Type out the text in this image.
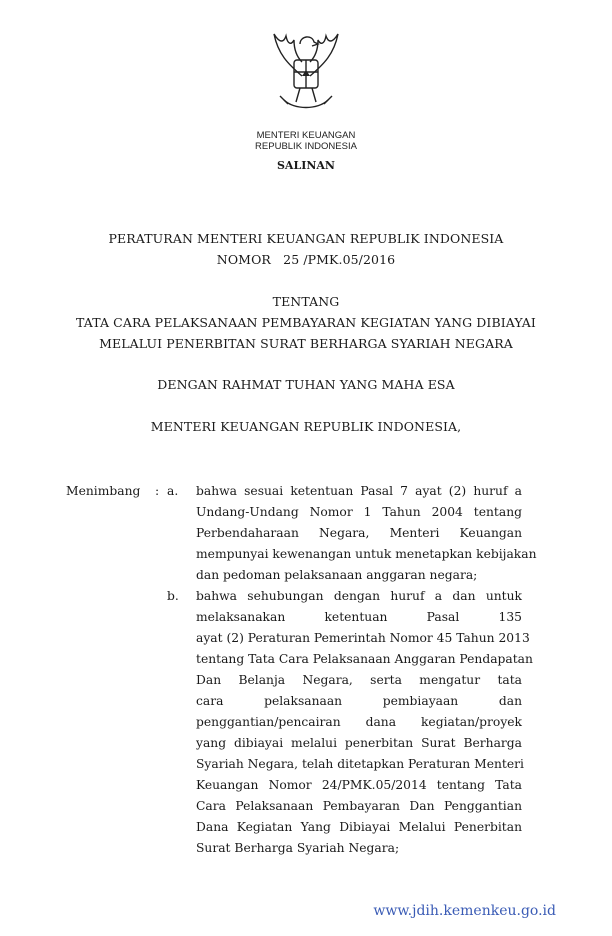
MENTERI KEUANGAN
REPUBLIK INDONESIA
SALINAN
PERATURAN MENTERI KEUANGAN REPUBLIK INDONESIA
NOMOR   25 /PMK.05/2016
TENTANG
TATA CARA PELAKSANAAN PEMBAYARAN KEGIATAN YANG DIBIAYAI
MELALUI PENERBITAN SURAT BERHARGA SYARIAH NEGARA
DENGAN RAHMAT TUHAN YANG MAHA ESA
MENTERI KEUANGAN REPUBLIK INDONESIA,
Menimbang : a.
b.
bahwa sesuai ketentuan Pasal 7 ayat (2) huruf a
Undang-Undang Nomor 1 Tahun 2004 tentang
Perbendaharaan Negara, Menteri Keuangan
mempunyai kewenangan untuk menetapkan kebijakan
dan pedoman pelaksanaan anggaran negara;
bahwa sehubungan dengan huruf a dan untuk
melaksanakan ketentuan Pasal 135
ayat (2) Peraturan Pemerintah Nomor 45 Tahun 2013
tentang Tata Cara Pelaksanaan Anggaran Pendapatan
Dan Belanja Negara, serta mengatur tata
cara pelaksanaan pembiayaan dan
penggantian/pencairan dana kegiatan/proyek
yang dibiayai melalui penerbitan Surat Berharga
Syariah Negara, telah ditetapkan Peraturan Menteri
Keuangan Nomor 24/PMK.05/2014 tentang Tata
Cara Pelaksanaan Pembayaran Dan Penggantian
Dana Kegiatan Yang Dibiayai Melalui Penerbitan
Surat Berharga Syariah Negara;
www.jdih.kemenkeu.go.id
